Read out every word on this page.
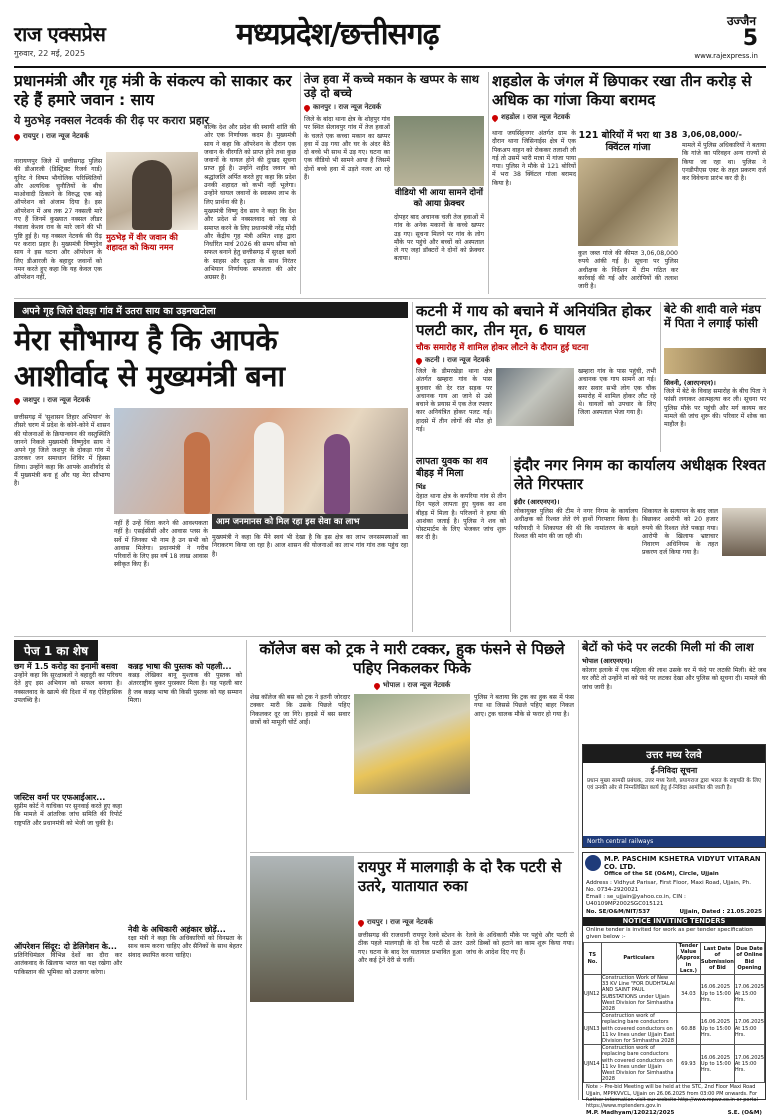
राज एक्सप्रेस
गुरुवार, 22 मई, 2025
मध्यप्रदेश/छत्तीसगढ़	उज्जैन
5
www.rajexpress.in
प्रधानमंत्री और गृह मंत्री के संकल्प को साकार कर रहे हैं हमारे जवान : साय
ये मुठभेड़ नक्सल नेटवर्क की रीढ़ पर करारा प्रहार
रायपुर । राज न्यूज नेटवर्क
नारायणपुर जिले में छत्तीसगढ़ पुलिस की डीआरजी (डिस्ट्रिक्ट रिजर्व गार्ड) यूनिट ने विषम भौगोलिक परिस्थितियों और अत्यधिक चुनौतियों के बीच माओवादी ठिकाने के विरुद्ध एक बड़े ऑपरेशन को अंजाम दिया है। इस ऑपरेशन में अब तक 27 नक्सली मारे गए हैं जिनमें कुख्यात नक्सल लीडर नंबाला केशव राव के मारे जाने की भी पुष्टि हुई है। यह नक्सल नेटवर्क की रीढ़ पर करारा प्रहार है। मुख्यमंत्री विष्णुदेव साय ने इस घटना और ऑपरेशन के लिए डीआरजी के बहादुर जवानों को नमन करते हुए कहा कि यह केवल एक ऑपरेशन नहीं,
मुठभेड़ में वीर जवान की शहादत को किया नमन
बल्कि देश और प्रदेश की स्थायी शांति की ओर एक निर्णायक कदम है। मुख्यमंत्री साय ने कहा कि ऑपरेशन के दौरान एक जवान के वीरगति को प्राप्त होने तथा कुछ जवानों के घायल होने की दुःखद सूचना प्राप्त हुई है। उन्होंने शहीद जवान को श्रद्धांजलि अर्पित करते हुए कहा कि प्रदेश उनकी शहादत को कभी नहीं भूलेगा। उन्होंने घायल जवानों के स्वास्थ्य लाभ के लिए प्रार्थना की है।
मुख्यमंत्री विष्णु देव साय ने कहा कि देश और प्रदेश से नक्सलवाद को जड़ से समाप्त करने के लिए प्रधानमंत्री नरेंद्र मोदी और केंद्रीय गृह मंत्री अमित शाह द्वारा निर्धारित मार्च 2026 की समय सीमा को सफल बनाने हेतु छत्तीसगढ़ में सुरक्षा बलों के साहस और दृढ़ता के साथ निरंतर अभियान निर्णायक सफलता की ओर अग्रसर है।
तेज हवा में कच्चे मकान के खप्पर के साथ उड़े दो बच्चे
कानपुर । राज न्यूज नेटवर्क
जिले के बांदा थाना क्षेत्र के शोहपुर गांव पर स्थित सेलावपुर गांव में तेज हवाओं के चलते एक कच्चा मकान का खप्पर हवा में उड़ गया और घर के अंदर बैठे दो बच्चे भी साथ में उड़ गए। घटना का एक वीडियो भी सामने आया है जिसमें दोनों बच्चे हवा में उड़ते नजर आ रहे हैं।
वीडियो भी आया सामने दोनों को आया फ्रेक्चर
दोपहर बाद अचानक चली तेज हवाओं में गांव के अनेक मकानों के कच्चे खप्पर उड़ गए। सूचना मिलने पर गांव के लोग मौके पर पहुंचे और बच्चों को अस्पताल ले गए जहां डॉक्टरों ने दोनों को फ्रेक्चर बताया।
शहडोल के जंगल में छिपाकर रखा तीन करोड़ से अधिक का गांजा किया बरामद
शहडोल । राज न्यूज नेटवर्क
121 बोरियों में भरा था 38 क्विंटल गांजा
थाना जयसिंहनगर अंतर्गत ग्राम के दौरान थाना जिसिनाईस क्षेत्र में एक पिकअप वाहन को रोककर तलाशी ली गई तो उसमें भारी मात्रा में गांजा पाया गया। पुलिस ने मौके से 121 बोरियों में भरा 38 क्विंटल गांजा बरामद किया है।
कुल जब्त गांजे की कीमत 3,06,08,000 रुपये आंकी गई है। सूचना पर पुलिस अधीक्षक के निर्देशन में टीम गठित कर कार्रवाई की गई और आरोपियों की तलाश जारी है।
3,06,08,000/-
मामले में पुलिस अधिकारियों ने बताया कि गांजे का परिवहन अन्य राज्यों से किया जा रहा था। पुलिस ने एनडीपीएस एक्ट के तहत प्रकरण दर्ज कर विवेचना प्रारंभ कर दी है।
अपने गृह जिले दोवड़ा गांव में उतरा साय का उड़नखटोला
मेरा सौभाग्य है कि आपके
आशीर्वाद से मुख्यमंत्री बना
जशपुर । राज न्यूज नेटवर्क
छत्तीसगढ़ में 'सुशासन तिहार अभियान' के तीसरे चरण में प्रदेश के कोने-कोने में शासन की योजनाओं के क्रियान्वयन की वस्तुस्थिति जानने निकले मुख्यमंत्री विष्णुदेव साय ने अपने गृह जिले जशपुर के दोकड़ा गांव में उतरकर जन समाधान शिविर में हिस्सा लिया। उन्होंने कहा कि आपके आशीर्वाद से मैं मुख्यमंत्री बना हूं और यह मेरा सौभाग्य है।
आम जनमानस को मिल रहा इस सेवा का लाभ
नहीं हैं उन्हें चिंता करने की आवश्यकता नहीं है। एसईसीसी और आवास प्लस के सर्वे में जिनका भी नाम है उन सभी को आवास मिलेगा। प्रधानमंत्री ने गरीब परिवारों के लिए इस वर्ष 18 लाख आवास स्वीकृत किए हैं।
मुख्यमंत्री ने कहा कि मैंने स्वयं भी देखा है कि इस क्षेत्र का लाभ जनसमस्याओं का निराकरण किया जा रहा है। आज शासन की योजनाओं का लाभ गांव गांव तक पहुंच रहा है।
कटनी में गाय को बचाने में अनियंत्रित होकर पलटी कार, तीन मृत, 6 घायल
चौक समारोह में शामिल होकर लौटने के दौरान हुई घटना
कटनी । राज न्यूज नेटवर्क
जिले के डीमरखेड़ा थाना क्षेत्र अंतर्गत खम्हारा गांव के पास बुधवार की देर रात सड़क पर अचानक गाय आ जाने से उसे बचाने के प्रयास में एक तेज रफ्तार कार अनियंत्रित होकर पलट गई। हादसे में तीन लोगों की मौत हो गई।
खम्हारा गांव के पास पहुंची, तभी अचानक एक गाय सामने आ गई। कार सवार सभी लोग एक चौक समारोह में शामिल होकर लौट रहे थे। घायलों को उपचार के लिए जिला अस्पताल भेजा गया है।
बेटे की शादी वाले मंडप में पिता ने लगाई फांसी
सिवनी, (आरएनएन)।
जिले में बेटे के विवाह समारोह के बीच पिता ने फांसी लगाकर आत्महत्या कर ली। सूचना पर पुलिस मौके पर पहुंची और मर्ग कायम कर मामले की जांच शुरू की। परिवार में शोक का माहौल है।
लापता युवक का शव बीहड़ में मिला
भिंड
देहात थाना क्षेत्र के कपरिया गांव से तीन दिन पहले लापता हुए युवक का शव बीहड़ में मिला है। परिजनों ने हत्या की आशंका जताई है। पुलिस ने शव को पोस्टमार्टम के लिए भेजकर जांच शुरू कर दी है।
इंदौर नगर निगम का कार्यालय अधीक्षक रिश्वत लेते गिरफ्तार
इंदौर (आरएनएन)।
लोकायुक्त पुलिस की टीम ने नगर निगम के कार्यालय अधीक्षक को रिश्वत लेते रंगे हाथों गिरफ्तार किया है। फरियादी ने शिकायत की थी कि नामांतरण के बदले रिश्वत की मांग की जा रही थी।
शिकायत के सत्यापन के बाद जाल बिछाकर आरोपी को 20 हजार रुपये की रिश्वत लेते पकड़ा गया। आरोपी के खिलाफ भ्रष्टाचार निवारण अधिनियम के तहत प्रकरण दर्ज किया गया है।
पेज 1 का शेष
छग में 1.5 करोड़ का इनामी बसवा
उन्होंने कहा कि सुरक्षाबलों ने बहादुरी का परिचय देते हुए इस अभियान को सफल बनाया है। नक्सलवाद के खात्मे की दिशा में यह ऐतिहासिक उपलब्धि है।
जस्टिस वर्मा पर एफआईआर...
सुप्रीम कोर्ट ने याचिका पर सुनवाई करते हुए कहा कि मामले में आंतरिक जांच समिति की रिपोर्ट राष्ट्रपति और प्रधानमंत्री को भेजी जा चुकी है।
ऑपरेशन सिंदूर: दो डेलिगेशन के...
प्रतिनिधिमंडल विभिन्न देशों का दौरा कर आतंकवाद के खिलाफ भारत का पक्ष रखेगा और पाकिस्तान की भूमिका को उजागर करेगा।
कन्नड़ भाषा की पुस्तक को पहली...
कन्नड़ लेखिका बानू मुश्ताक की पुस्तक को अंतरराष्ट्रीय बुकर पुरस्कार मिला है। यह पहली बार है जब कन्नड़ भाषा की किसी पुस्तक को यह सम्मान मिला।
नेवी के अधिकारी अहंकार छोड़ें...
रक्षा मंत्री ने कहा कि अधिकारियों को विनम्रता के साथ काम करना चाहिए और सैनिकों के साथ बेहतर संवाद स्थापित करना चाहिए।
कॉलेज बस को ट्रक ने मारी टक्कर, हुक फंसने से पिछले पहिए निकलकर फिके
भोपाल । राज न्यूज नेटवर्क
शेख कॉलेज की बस को ट्रक ने इतनी जोरदार टक्कर मारी कि उसके पिछले पहिए निकलकर दूर जा गिरे। हादसे में बस सवार छात्रों को मामूली चोटें आईं।
पुलिस ने बताया कि ट्रक का हुक बस में फंस गया था जिससे पिछले पहिए बाहर निकल आए। ट्रक चालक मौके से फरार हो गया है।
रायपुर में मालगाड़ी के दो रैक पटरी से उतरे, यातायात रुका
रायपुर । राज न्यूज नेटवर्क
छत्तीसगढ़ की राजधानी रायपुर रेलवे स्टेशन के ठीक पहले मालगाड़ी के दो रैक पटरी से उतर गए। घटना के बाद रेल यातायात प्रभावित हुआ और कई ट्रेनें देरी से चलीं।
रेलवे के अधिकारी मौके पर पहुंचे और पटरी से उतरे डिब्बों को हटाने का काम शुरू किया गया। जांच के आदेश दिए गए हैं।
बेटों को फंदे पर लटकी मिली मां की लाश
भोपाल (आरएनएन)।
कोलार इलाके में एक महिला की लाश उसके घर में फंदे पर लटकी मिली। बेटे जब घर लौटे तो उन्होंने मां को फंदे पर लटका देखा और पुलिस को सूचना दी। मामले की जांच जारी है।
उत्तर मध्य रेलवे
ई-निविदा सूचना
प्रधान मुख्य सामग्री प्रबंधक, उत्तर मध्य रेलवे, प्रयागराज द्वारा भारत के राष्ट्रपति के लिए एवं उनकी ओर से निम्नलिखित कार्य हेतु ई-निविदा आमंत्रित की जाती है।
North central railways
M.P. PASCHIM KSHETRA VIDYUT VITARAN CO. LTD.
Office of the SE (O&M), Circle, Ujjain
Address : Vidhyut Parisar, First Floor, Maxi Road, Ujjain, Ph. No. 0734-2920021
Email : se_ujjain@yahoo.co.in, CIN : U40109MP2002SGC015121
No. SE/O&M/NIT/537	Ujjain, Dated : 21.05.2025
NOTICE INVITING TENDERS
Online tender is invited for work as per tender specification given below :-
TS No.	Particulars	Tender Value (Approx in Lacs.)	Last Date of Submission of Bid	Due Date of Online Bid Opening
UJN12	Construction Work of New 33 KV Line "FOR DUDHTALAI AND SAINT PAUL SUBSTATIONS under Ujjain West Division for Simhastha 2028	34.03	16.06.2025 Up to 15:00 Hrs.	17.06.2025 At 15:00 Hrs.
UJN13	Construction work of replacing bare conductors with covered conductors on 11 kv lines under Ujjain East Division for Simhastha 2028	60.88	16.06.2025 Up to 15:00 Hrs.	17.06.2025 At 15:00 Hrs.
UJN14	Construction work of replacing bare conductors with covered conductors on 11 kv lines under Ujjain West Division for Simhastha 2028	69.93	16.06.2025 Up to 15:00 Hrs.	17.06.2025 At 15:00 Hrs.
Note :- Pre-bid Meeting will be held at the STC, 2nd Floor Maxi Road Ujjain, MPPKVVCL, Ujjain on 26.06.2025 from 03:00 PM onwards. For further information visit our website http://www.mpwz.co.in or portal https://www.mptenders.gov.in
M.P. Madhyam/120212/2025	S.E. (O&M)
